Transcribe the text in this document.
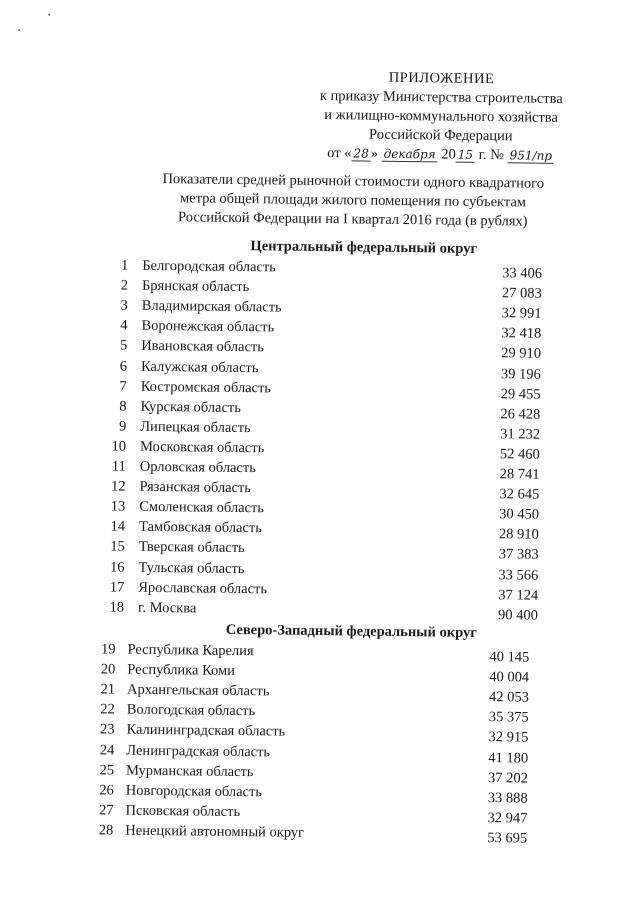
ПРИЛОЖЕНИЕ
к приказу Министерства строительства
и жилищно-коммунального хозяйства
Российской Федерации
от « 28 » декабря 20 15 г. № 951/пр
Показатели средней рыночной стоимости одного квадратного
метра общей площади жилого помещения по субъектам
Российской Федерации на I квартал 2016 года (в рублях)
Центральный федеральный округ
1 Белгородская область	33 406
2 Брянская область	27 083
3 Владимирская область	32 991
4 Воронежская область	32 418
5 Ивановская область	29 910
6 Калужская область	39 196
7 Костромская область	29 455
8 Курская область	26 428
9 Липецкая область	31 232
10 Московская область	52 460
11 Орловская область	28 741
12 Рязанская область	32 645
13 Смоленская область	30 450
14 Тамбовская область	28 910
15 Тверская область	37 383
16 Тульская область	33 566
17 Ярославская область	37 124
18 г. Москва	90 400
Северо-Западный федеральный округ
19 Республика Карелия	40 145
20 Республика Коми	40 004
21 Архангельская область	42 053
22 Вологодская область	35 375
23 Калининградская область	32 915
24 Ленинградская область	41 180
25 Мурманская область	37 202
26 Новгородская область	33 888
27 Псковская область	32 947
28 Ненецкий автономный округ	53 695
